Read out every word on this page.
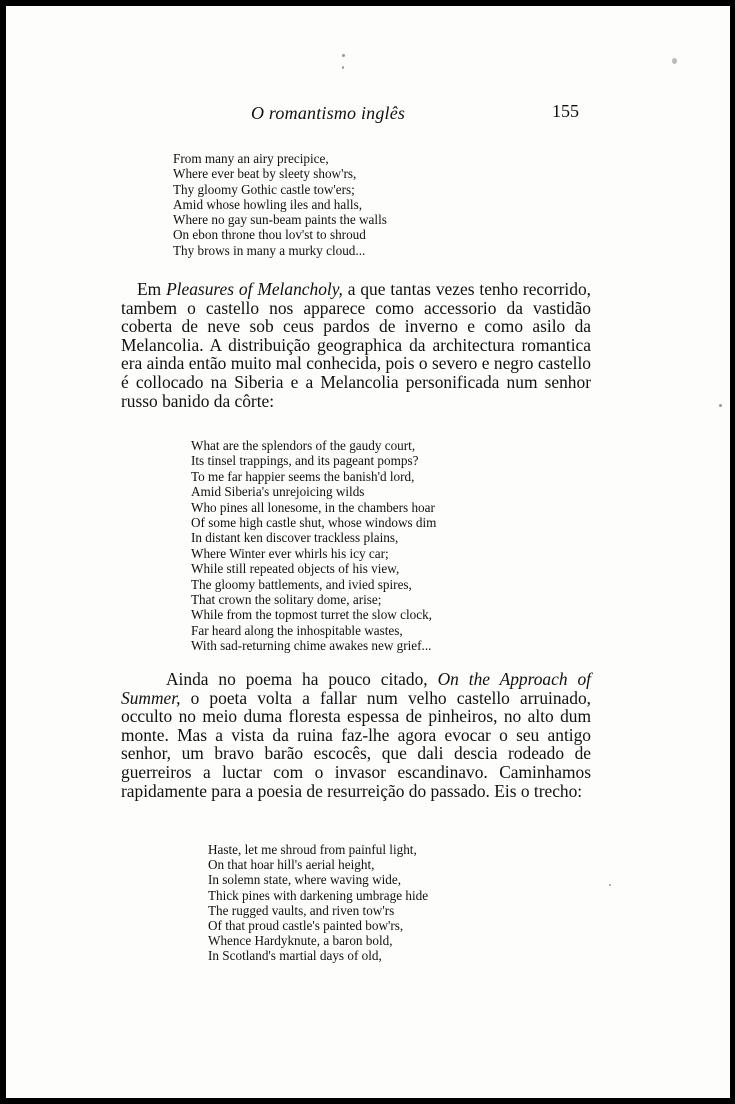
O romantismo inglês	155
From many an airy precipice,
Where ever beat by sleety show'rs,
Thy gloomy Gothic castle tow'ers;
Amid whose howling iles and halls,
Where no gay sun-beam paints the walls
On ebon throne thou lov'st to shroud
Thy brows in many a murky cloud...

Em Pleasures of Melancholy, a que tantas vezes tenho recorrido, tambem o castello nos apparece como accessorio da vastidão coberta de neve sob ceus pardos de inverno e como asilo da Melancolia. A distribuição geographica da architectura romantica era ainda então muito mal conhecida, pois o severo e negro castello é collocado na Siberia e a Melancolia personificada num senhor russo banido da côrte:

What are the splendors of the gaudy court,
Its tinsel trappings, and its pageant pomps?
To me far happier seems the banish'd lord,
Amid Siberia's unrejoicing wilds
Who pines all lonesome, in the chambers hoar
Of some high castle shut, whose windows dim
In distant ken discover trackless plains,
Where Winter ever whirls his icy car;
While still repeated objects of his view,
The gloomy battlements, and ivied spires,
That crown the solitary dome, arise;
While from the topmost turret the slow clock,
Far heard along the inhospitable wastes,
With sad-returning chime awakes new grief...

Ainda no poema ha pouco citado, On the Approach of Summer, o poeta volta a fallar num velho castello arruinado, occulto no meio duma floresta espessa de pinheiros, no alto dum monte. Mas a vista da ruina faz-lhe agora evocar o seu antigo senhor, um bravo barão escocês, que dali descia rodeado de guerreiros a luctar com o invasor escandinavo. Caminhamos rapidamente para a poesia de resurreição do passado. Eis o trecho:

Haste, let me shroud from painful light,
On that hoar hill's aerial height,
In solemn state, where waving wide,
Thick pines with darkening umbrage hide
The rugged vaults, and riven tow'rs
Of that proud castle's painted bow'rs,
Whence Hardyknute, a baron bold,
In Scotland's martial days of old,
